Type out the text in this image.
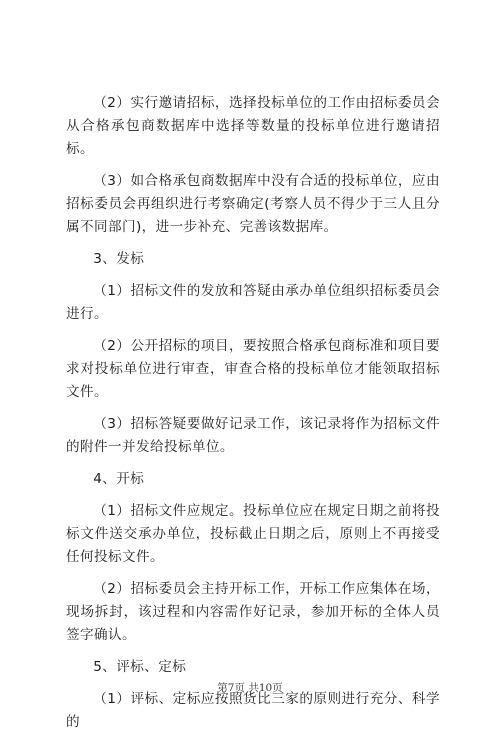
（2）实行邀请招标，选择投标单位的工作由招标委员会从合格承包商数据库中选择等数量的投标单位进行邀请招标。

（3）如合格承包商数据库中没有合适的投标单位，应由招标委员会再组织进行考察确定(考察人员不得少于三人且分属不同部门)，进一步补充、完善该数据库。

3、发标

（1）招标文件的发放和答疑由承办单位组织招标委员会进行。

（2）公开招标的项目，要按照合格承包商标准和项目要求对投标单位进行审查，审查合格的投标单位才能领取招标文件。

（3）招标答疑要做好记录工作，该记录将作为招标文件的附件一并发给投标单位。

4、开标

（1）招标文件应规定。投标单位应在规定日期之前将投标文件送交承办单位，投标截止日期之后，原则上不再接受任何投标文件。

（2）招标委员会主持开标工作，开标工作应集体在场，现场拆封，该过程和内容需作好记录，参加开标的全体人员签字确认。

5、评标、定标

（1）评标、定标应按照货比三家的原则进行充分、科学的

第7页 共10页
